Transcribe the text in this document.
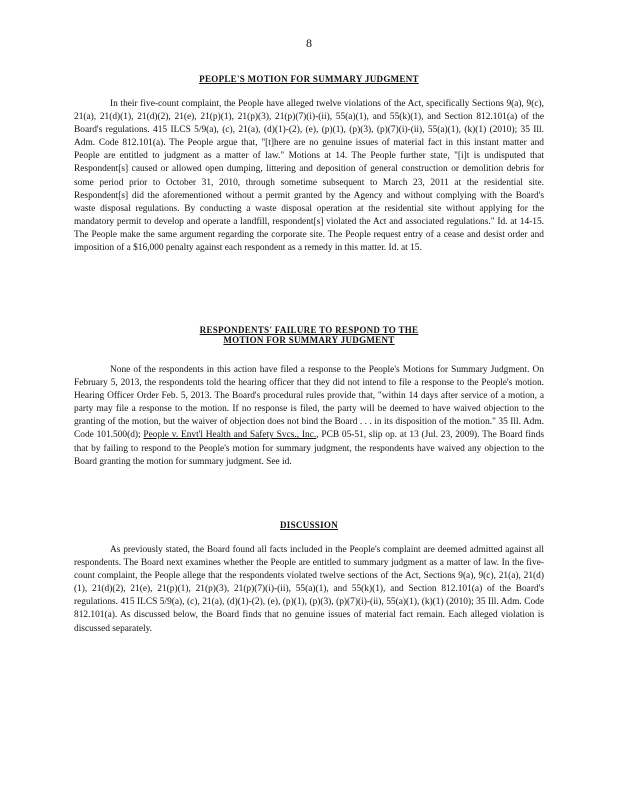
8
PEOPLE'S MOTION FOR SUMMARY JUDGMENT
In their five-count complaint, the People have alleged twelve violations of the Act, specifically Sections 9(a), 9(c), 21(a), 21(d)(1), 21(d)(2), 21(e), 21(p)(1), 21(p)(3), 21(p)(7)(i)-(ii), 55(a)(1), and 55(k)(1), and Section 812.101(a) of the Board's regulations. 415 ILCS 5/9(a), (c), 21(a), (d)(1)-(2), (e), (p)(1), (p)(3), (p)(7)(i)-(ii), 55(a)(1), (k)(1) (2010); 35 Ill. Adm. Code 812.101(a). The People argue that, "[t]here are no genuine issues of material fact in this instant matter and People are entitled to judgment as a matter of law." Motions at 14. The People further state, "[i]t is undisputed that Respondent[s] caused or allowed open dumping, littering and deposition of general construction or demolition debris for some period prior to October 31, 2010, through sometime subsequent to March 23, 2011 at the residential site. Respondent[s] did the aforementioned without a permit granted by the Agency and without complying with the Board's waste disposal regulations. By conducting a waste disposal operation at the residential site without applying for the mandatory permit to develop and operate a landfill, respondent[s] violated the Act and associated regulations." Id. at 14-15. The People make the same argument regarding the corporate site. The People request entry of a cease and desist order and imposition of a $16,000 penalty against each respondent as a remedy in this matter. Id. at 15.
RESPONDENTS' FAILURE TO RESPOND TO THE
MOTION FOR SUMMARY JUDGMENT
None of the respondents in this action have filed a response to the People's Motions for Summary Judgment. On February 5, 2013, the respondents told the hearing officer that they did not intend to file a response to the People's motion. Hearing Officer Order Feb. 5, 2013. The Board's procedural rules provide that, "within 14 days after service of a motion, a party may file a response to the motion. If no response is filed, the party will be deemed to have waived objection to the granting of the motion, but the waiver of objection does not bind the Board . . . in its disposition of the motion." 35 Ill. Adm. Code 101.500(d); People v. Envt'l Health and Safety Svcs., Inc., PCB 05-51, slip op. at 13 (Jul. 23, 2009). The Board finds that by failing to respond to the People's motion for summary judgment, the respondents have waived any objection to the Board granting the motion for summary judgment. See id.
DISCUSSION
As previously stated, the Board found all facts included in the People's complaint are deemed admitted against all respondents. The Board next examines whether the People are entitled to summary judgment as a matter of law. In the five-count complaint, the People allege that the respondents violated twelve sections of the Act, Sections 9(a), 9(c), 21(a), 21(d)(1), 21(d)(2), 21(e), 21(p)(1), 21(p)(3), 21(p)(7)(i)-(ii), 55(a)(1), and 55(k)(1), and Section 812.101(a) of the Board's regulations. 415 ILCS 5/9(a), (c), 21(a), (d)(1)-(2), (e), (p)(1), (p)(3), (p)(7)(i)-(ii), 55(a)(1), (k)(1) (2010); 35 Ill. Adm. Code 812.101(a). As discussed below, the Board finds that no genuine issues of material fact remain. Each alleged violation is discussed separately.
